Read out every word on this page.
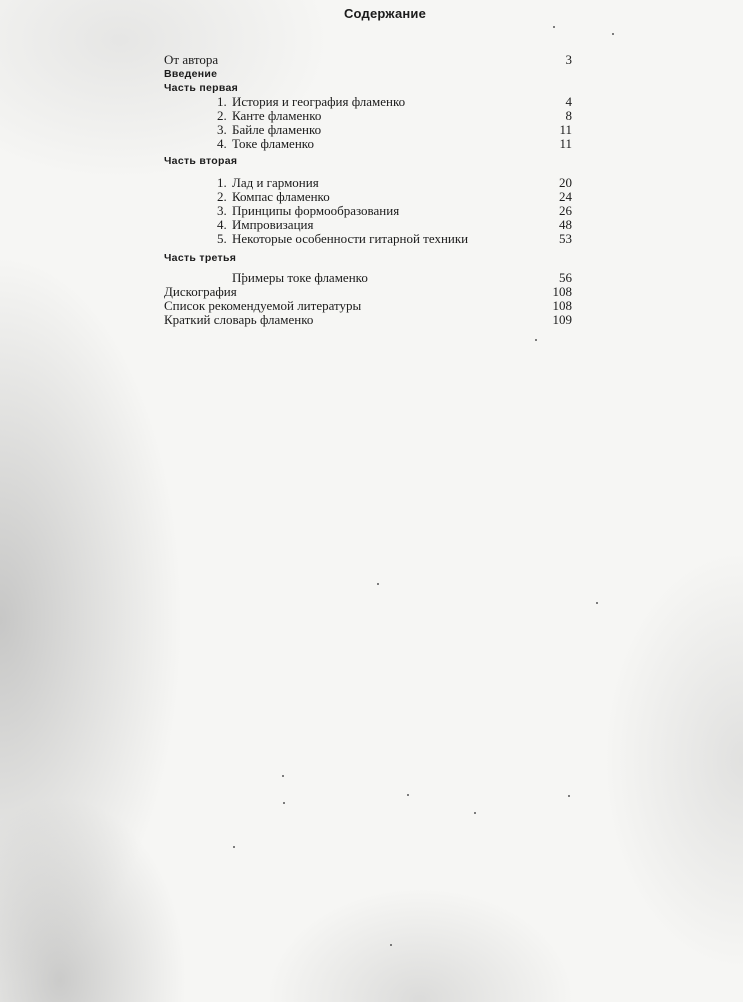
Содержание
От автора	3
Введение
Часть первая
1. История и география фламенко	4
2. Канте фламенко	8
3. Байле фламенко	11
4. Токе фламенко	11
Часть вторая
1. Лад и гармония	20
2. Компас фламенко	24
3. Принципы формообразования	26
4. Импровизация	48
5. Некоторые особенности гитарной техники	53
Часть третья
Примеры токе фламенко	56
Дискография	108
Список рекомендуемой литературы	108
Краткий словарь фламенко	109
